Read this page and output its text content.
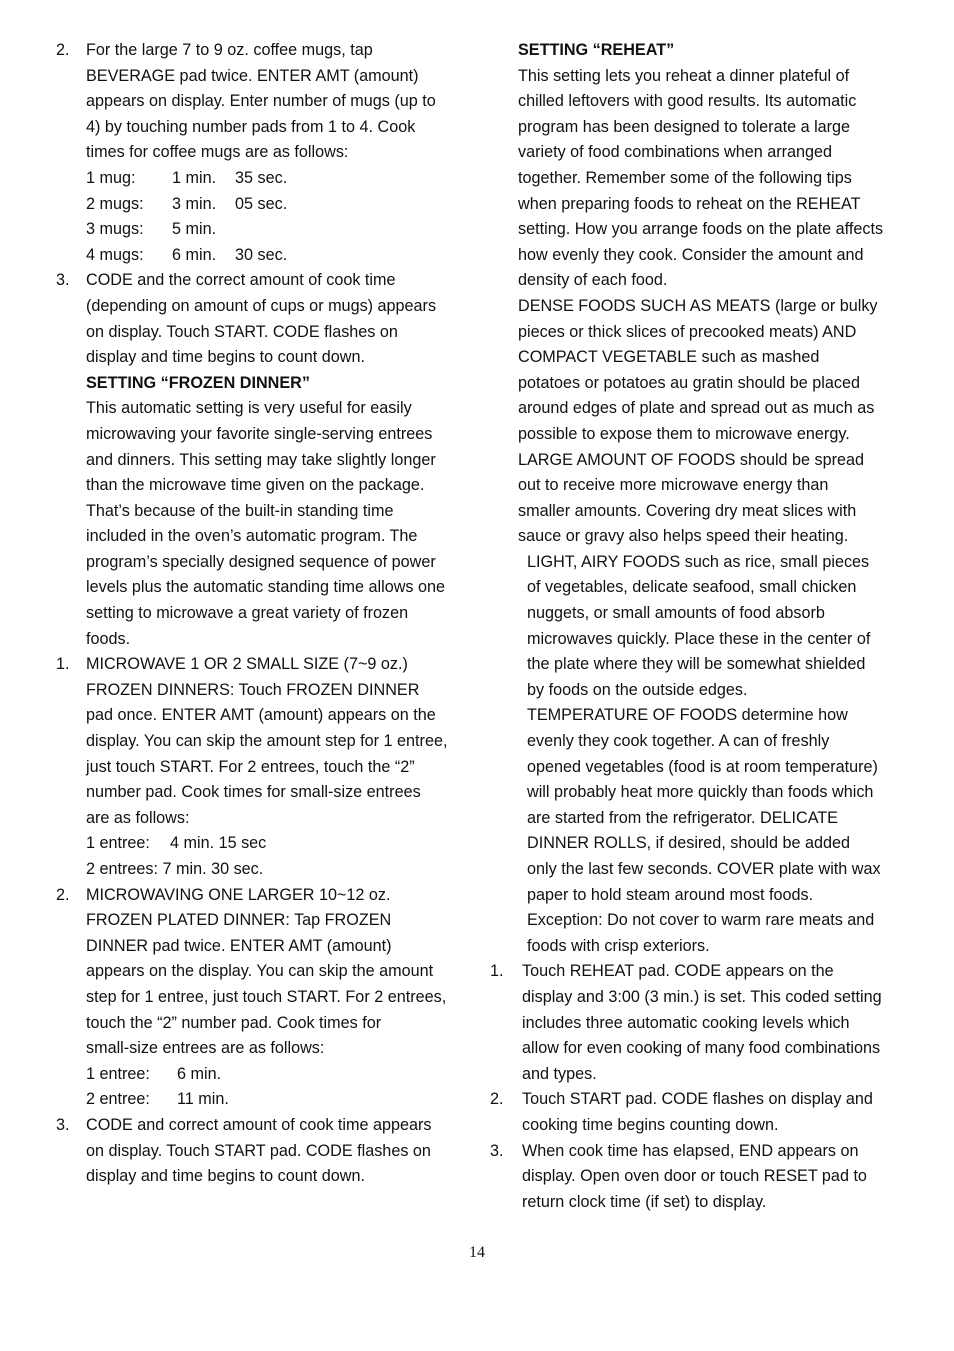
2. For the large 7 to 9 oz. coffee mugs, tap
BEVERAGE pad twice. ENTER AMT (amount)
appears on display. Enter number of mugs (up to
4) by touching number pads from 1 to 4. Cook
times for coffee mugs are as follows:
1 mug: 1 min. 35 sec.
2 mugs: 3 min. 05 sec.
3 mugs: 5 min.
4 mugs: 6 min. 30 sec.
3. CODE and the correct amount of cook time
(depending on amount of cups or mugs) appears
on display. Touch START. CODE flashes on
display and time begins to count down.
SETTING “FROZEN DINNER”
This automatic setting is very useful for easily
microwaving your favorite single-serving entrees
and dinners. This setting may take slightly longer
than the microwave time given on the package.
That’s because of the built-in standing time
included in the oven’s automatic program. The
program’s specially designed sequence of power
levels plus the automatic standing time allows one
setting to microwave a great variety of frozen
foods.
1. MICROWAVE 1 OR 2 SMALL SIZE (7~9 oz.)
FROZEN DINNERS: Touch FROZEN DINNER
pad once. ENTER AMT (amount) appears on the
display. You can skip the amount step for 1 entree,
just touch START. For 2 entrees, touch the “2”
number pad. Cook times for small-size entrees
are as follows:
1 entree: 4 min. 15 sec
2 entrees: 7 min. 30 sec.
2. MICROWAVING ONE LARGER 10~12 oz.
FROZEN PLATED DINNER: Tap FROZEN
DINNER pad twice. ENTER AMT (amount)
appears on the display. You can skip the amount
step for 1 entree, just touch START. For 2 entrees,
touch the “2” number pad. Cook times for
small-size entrees are as follows:
1 entree: 6 min.
2 entree: 11 min.
3. CODE and correct amount of cook time appears
on display. Touch START pad. CODE flashes on
display and time begins to count down.
SETTING “REHEAT”
This setting lets you reheat a dinner plateful of
chilled leftovers with good results. Its automatic
program has been designed to tolerate a large
variety of food combinations when arranged
together. Remember some of the following tips
when preparing foods to reheat on the REHEAT
setting. How you arrange foods on the plate affects
how evenly they cook. Consider the amount and
density of each food.
DENSE FOODS SUCH AS MEATS (large or bulky
pieces or thick slices of precooked meats) AND
COMPACT VEGETABLE such as mashed
potatoes or potatoes au gratin should be placed
around edges of plate and spread out as much as
possible to expose them to microwave energy.
LARGE AMOUNT OF FOODS should be spread
out to receive more microwave energy than
smaller amounts. Covering dry meat slices with
sauce or gravy also helps speed their heating.
LIGHT, AIRY FOODS such as rice, small pieces
of vegetables, delicate seafood, small chicken
nuggets, or small amounts of food absorb
microwaves quickly. Place these in the center of
the plate where they will be somewhat shielded
by foods on the outside edges.
TEMPERATURE OF FOODS determine how
evenly they cook together. A can of freshly
opened vegetables (food is at room temperature)
will probably heat more quickly than foods which
are started from the refrigerator. DELICATE
DINNER ROLLS, if desired, should be added
only the last few seconds. COVER plate with wax
paper to hold steam around most foods.
Exception: Do not cover to warm rare meats and
foods with crisp exteriors.
1. Touch REHEAT pad. CODE appears on the
display and 3:00 (3 min.) is set. This coded setting
includes three automatic cooking levels which
allow for even cooking of many food combinations
and types.
2. Touch START pad. CODE flashes on display and
cooking time begins counting down.
3. When cook time has elapsed, END appears on
display. Open oven door or touch RESET pad to
return clock time (if set) to display.
14
